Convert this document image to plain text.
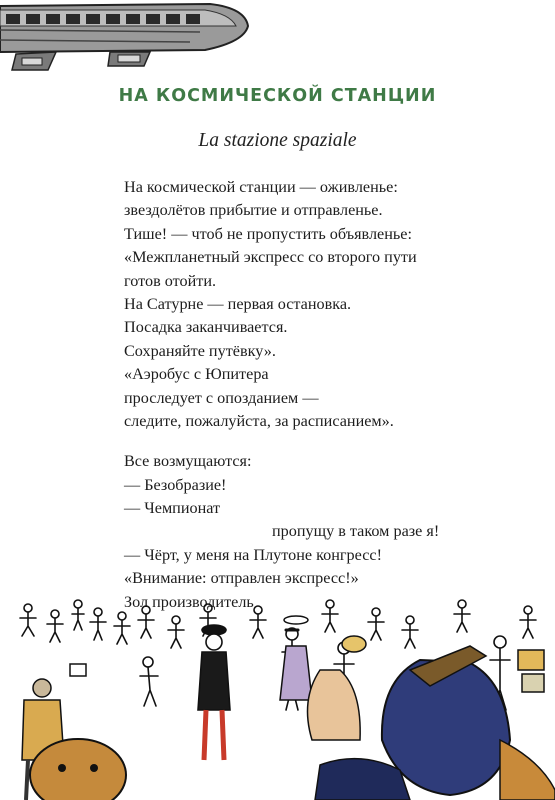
НА КОСМИЧЕСКОЙ СТАНЦИИ
La stazione spaziale
На космической станции — оживленье:
звездолётов прибытие и отправленье.
Тише! — чтоб не пропустить объявленье:
«Межпланетный экспресс со второго пути
готов отойти.
На Сатурне — первая остановка.
Посадка заканчивается.
Сохраняйте путёвку».
«Аэробус с Юпитера
проследует с опозданием —
следите, пожалуйста, за расписанием».
Все возмущаются:
— Безобразие!
— Чемпионат
пропущу в таком разе я!
— Чёрт, у меня на Плутоне конгресс!
«Внимание: отправлен экспресс!»
Зол производитель
